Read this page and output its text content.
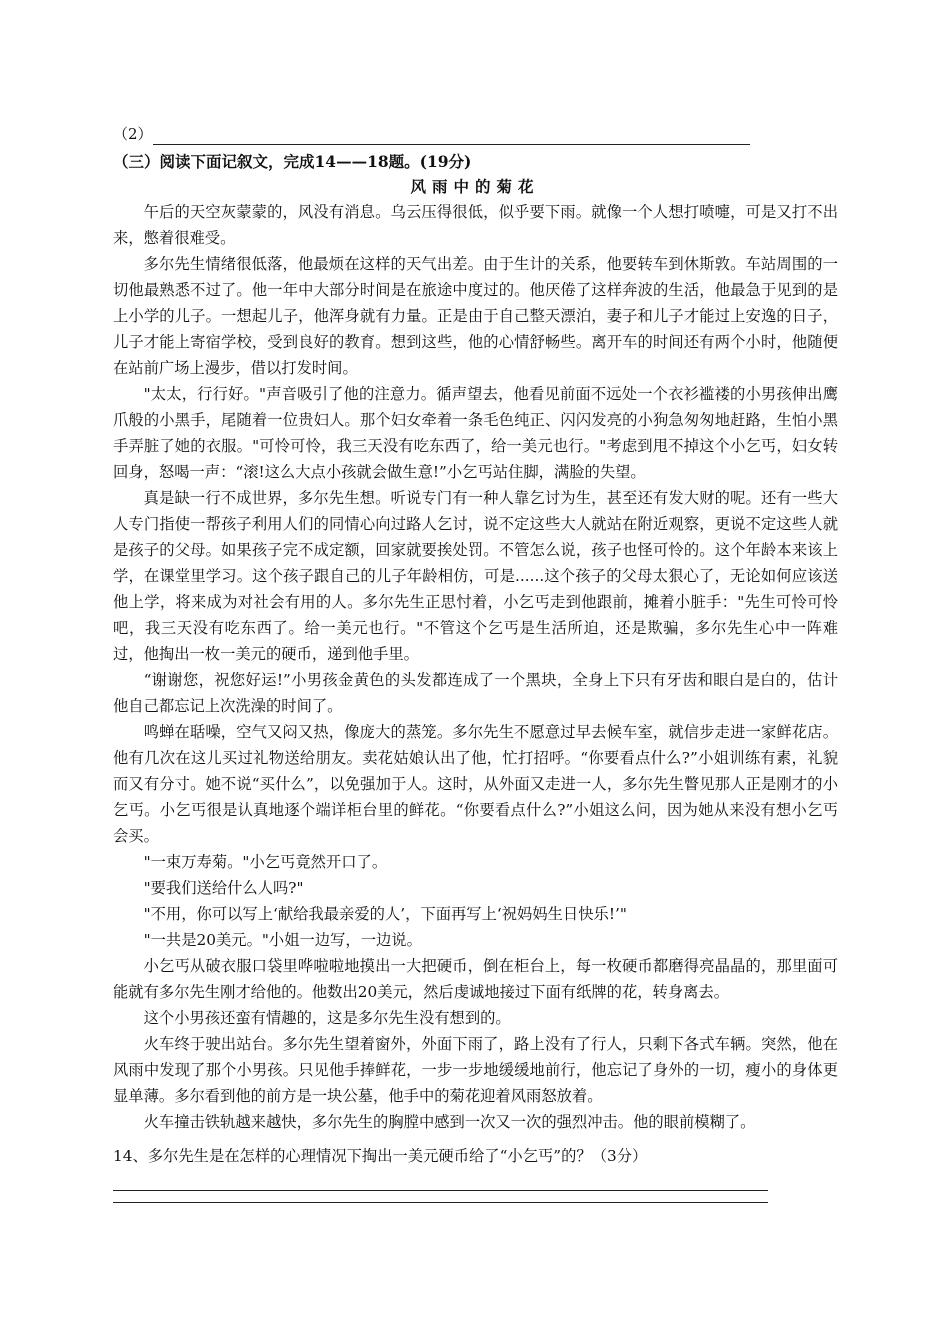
（2）
（三）阅读下面记叙文，完成14——18题。(19分)
风雨中的菊花

午后的天空灰蒙蒙的，风没有消息。乌云压得很低，似乎要下雨。就像一个人想打喷嚏，可是又打不出来，憋着很难受。

多尔先生情绪很低落，他最烦在这样的天气出差。由于生计的关系，他要转车到休斯敦。车站周围的一切他最熟悉不过了。他一年中大部分时间是在旅途中度过的。他厌倦了这样奔波的生活，他最急于见到的是上小学的儿子。一想起儿子，他浑身就有力量。正是由于自己整天漂泊，妻子和儿子才能过上安逸的日子，儿子才能上寄宿学校，受到良好的教育。想到这些，他的心情舒畅些。离开车的时间还有两个小时，他随便在站前广场上漫步，借以打发时间。

"太太，行行好。"声音吸引了他的注意力。循声望去，他看见前面不远处一个衣衫褴褛的小男孩伸出鹰爪般的小黑手，尾随着一位贵妇人。那个妇女牵着一条毛色纯正、闪闪发亮的小狗急匆匆地赶路，生怕小黑手弄脏了她的衣服。"可怜可怜，我三天没有吃东西了，给一美元也行。"考虑到甩不掉这个小乞丐，妇女转回身，怒喝一声：“滚!这么大点小孩就会做生意!”小乞丐站住脚，满脸的失望。

真是缺一行不成世界，多尔先生想。听说专门有一种人靠乞讨为生，甚至还有发大财的呢。还有一些大人专门指使一帮孩子利用人们的同情心向过路人乞讨，说不定这些大人就站在附近观察，更说不定这些人就是孩子的父母。如果孩子完不成定额，回家就要挨处罚。不管怎么说，孩子也怪可怜的。这个年龄本来该上学，在课堂里学习。这个孩子跟自己的儿子年龄相仿，可是......这个孩子的父母太狠心了，无论如何应该送他上学，将来成为对社会有用的人。多尔先生正思忖着，小乞丐走到他跟前，摊着小脏手："先生可怜可怜吧，我三天没有吃东西了。给一美元也行。"不管这个乞丐是生活所迫，还是欺骗，多尔先生心中一阵难过，他掏出一枚一美元的硬币，递到他手里。

“谢谢您，祝您好运!”小男孩金黄色的头发都连成了一个黑块，全身上下只有牙齿和眼白是白的，估计他自己都忘记上次洗澡的时间了。

鸣蝉在聒噪，空气又闷又热，像庞大的蒸笼。多尔先生不愿意过早去候车室，就信步走进一家鲜花店。他有几次在这儿买过礼物送给朋友。卖花姑娘认出了他，忙打招呼。“你要看点什么?”小姐训练有素，礼貌而又有分寸。她不说“买什么”，以免强加于人。这时，从外面又走进一人，多尔先生瞥见那人正是刚才的小乞丐。小乞丐很是认真地逐个端详柜台里的鲜花。“你要看点什么?”小姐这么问，因为她从来没有想小乞丐会买。

"一束万寿菊。"小乞丐竟然开口了。

"要我们送给什么人吗?"

"不用，你可以写上‘献给我最亲爱的人’，下面再写上‘祝妈妈生日快乐!’"

"一共是20美元。"小姐一边写，一边说。

小乞丐从破衣服口袋里哗啦啦地摸出一大把硬币，倒在柜台上，每一枚硬币都磨得亮晶晶的，那里面可能就有多尔先生刚才给他的。他数出20美元，然后虔诚地接过下面有纸牌的花，转身离去。

这个小男孩还蛮有情趣的，这是多尔先生没有想到的。

火车终于驶出站台。多尔先生望着窗外，外面下雨了，路上没有了行人，只剩下各式车辆。突然，他在风雨中发现了那个小男孩。只见他手捧鲜花，一步一步地缓缓地前行，他忘记了身外的一切，瘦小的身体更显单薄。多尔看到他的前方是一块公墓，他手中的菊花迎着风雨怒放着。

火车撞击铁轨越来越快，多尔先生的胸膛中感到一次又一次的强烈冲击。他的眼前模糊了。

14、多尔先生是在怎样的心理情况下掏出一美元硬币给了“小乞丐”的？（3分）
